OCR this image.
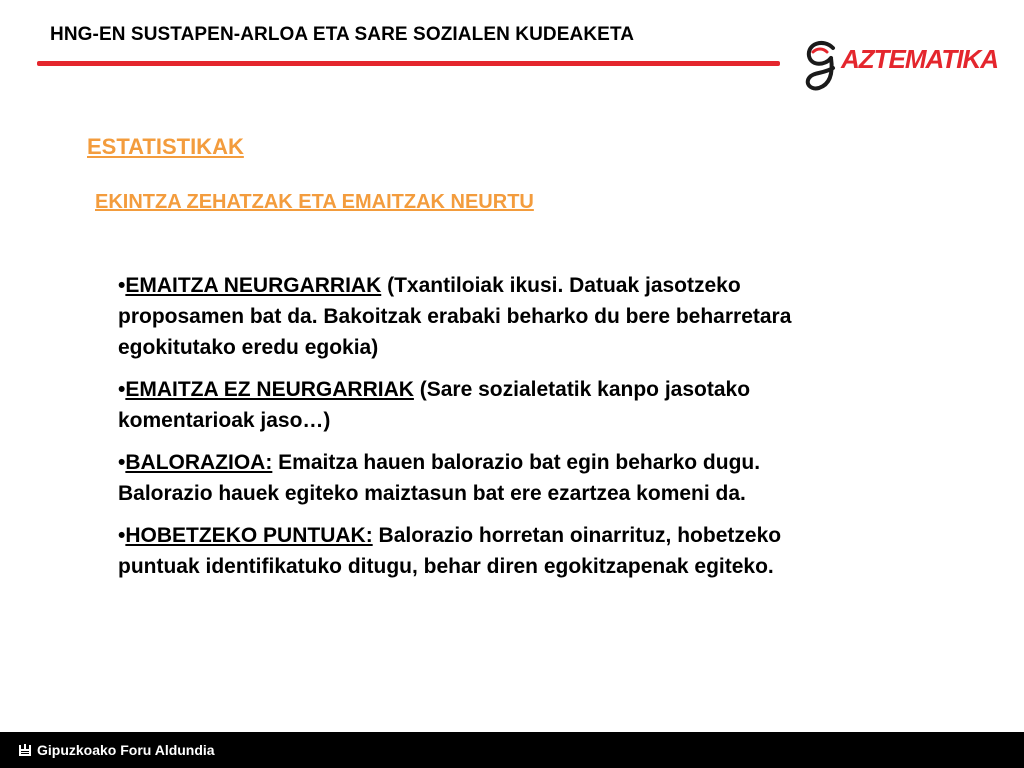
HNG-EN SUSTAPEN-ARLOA ETA SARE SOZIALEN KUDEAKETA
AZTEMATIKA
ESTATISTIKAK
EKINTZA ZEHATZAK ETA EMAITZAK NEURTU
•EMAITZA NEURGARRIAK (Txantiloiak ikusi. Datuak jasotzeko proposamen bat da. Bakoitzak erabaki beharko du bere beharretara egokitutako eredu egokia)
•EMAITZA EZ NEURGARRIAK (Sare sozialetatik kanpo jasotako komentarioak jaso…)
•BALORAZIOA: Emaitza hauen balorazio bat egin beharko dugu. Balorazio hauek egiteko maiztasun bat ere ezartzea komeni da.
•HOBETZEKO PUNTUAK: Balorazio horretan oinarrituz, hobetzeko puntuak identifikatuko ditugu, behar diren egokitzapenak egiteko.
Gipuzkoako Foru Aldundia
